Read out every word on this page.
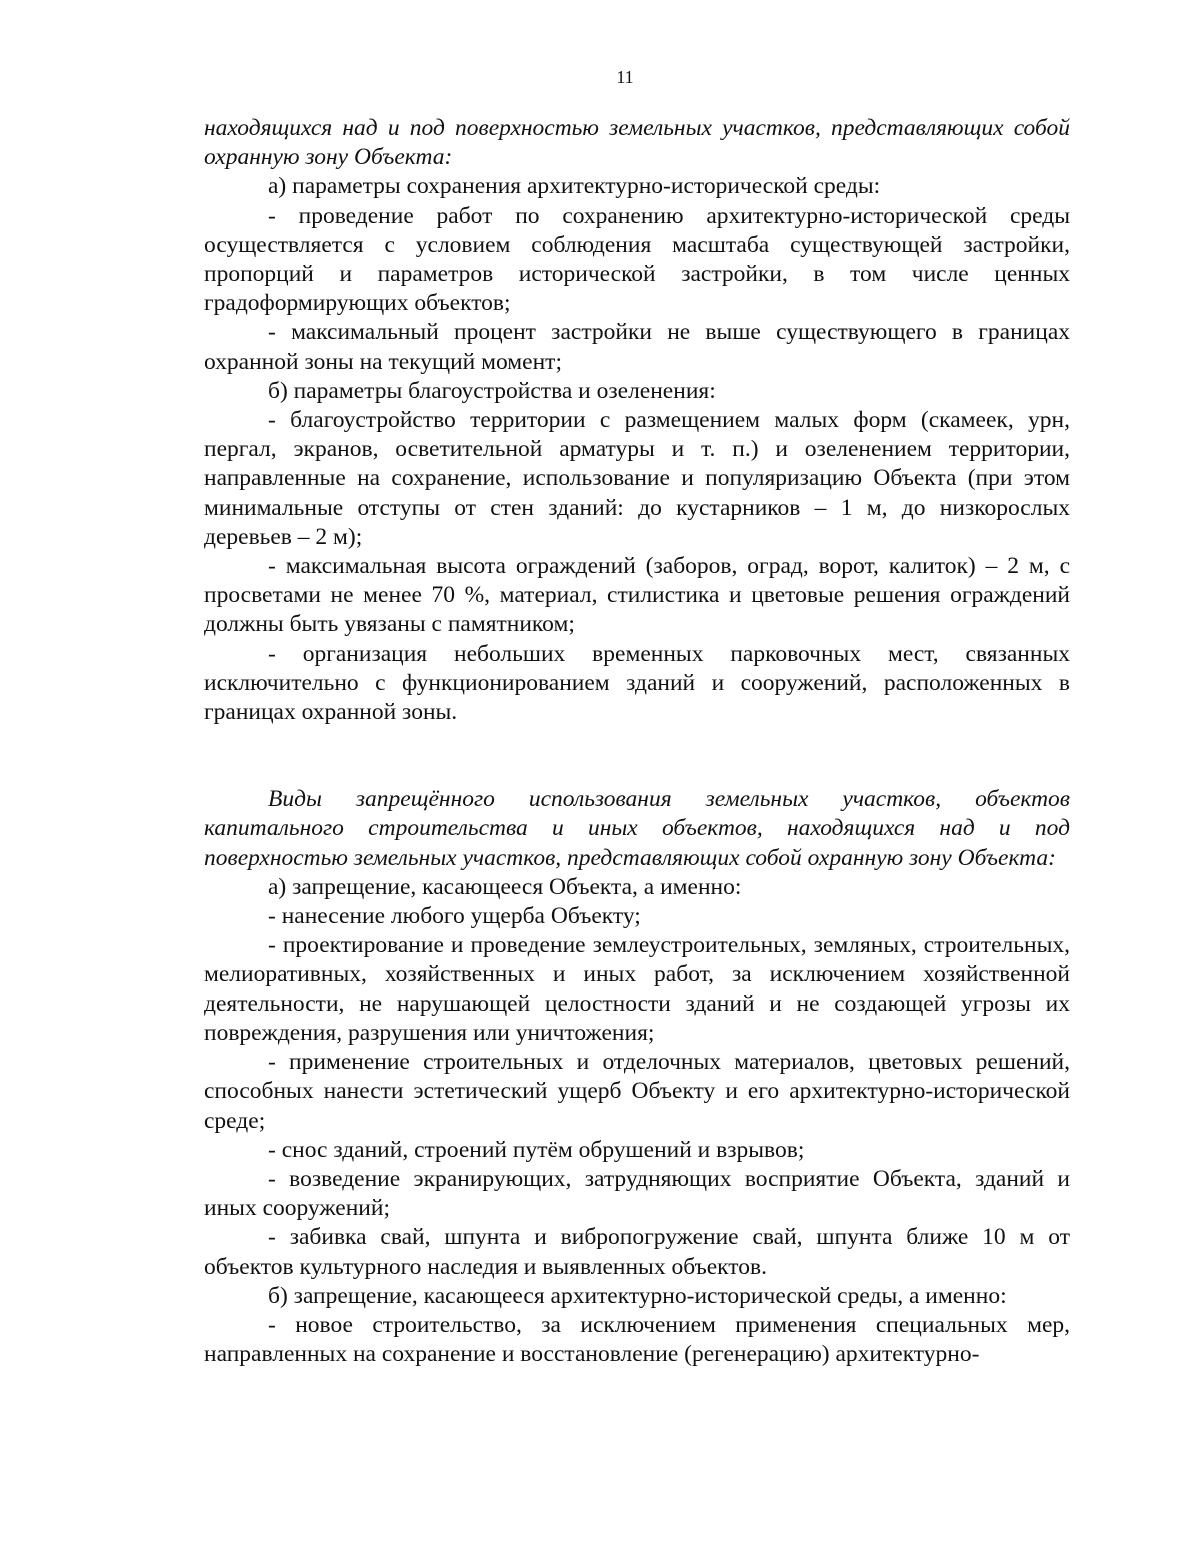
11

находящихся над и под поверхностью земельных участков, представляющих собой охранную зону Объекта:

а) параметры сохранения архитектурно-исторической среды:

- проведение работ по сохранению архитектурно-исторической среды осуществляется с условием соблюдения масштаба существующей застройки, пропорций и параметров исторической застройки, в том числе ценных градоформирующих объектов;

- максимальный процент застройки не выше существующего в границах охранной зоны на текущий момент;

б) параметры благоустройства и озеленения:

- благоустройство территории с размещением малых форм (скамеек, урн, пергал, экранов, осветительной арматуры и т. п.) и озеленением территории, направленные на сохранение, использование и популяризацию Объекта (при этом минимальные отступы от стен зданий: до кустарников – 1 м, до низкорослых деревьев – 2 м);

- максимальная высота ограждений (заборов, оград, ворот, калиток) – 2 м, с просветами не менее 70 %, материал, стилистика и цветовые решения ограждений должны быть увязаны с памятником;

- организация небольших временных парковочных мест, связанных исключительно с функционированием зданий и сооружений, расположенных в границах охранной зоны.

Виды запрещённого использования земельных участков, объектов капитального строительства и иных объектов, находящихся над и под поверхностью земельных участков, представляющих собой охранную зону Объекта:

а) запрещение, касающееся Объекта, а именно:

- нанесение любого ущерба Объекту;

- проектирование и проведение землеустроительных, земляных, строительных, мелиоративных, хозяйственных и иных работ, за исключением хозяйственной деятельности, не нарушающей целостности зданий и не создающей угрозы их повреждения, разрушения или уничтожения;

- применение строительных и отделочных материалов, цветовых решений, способных нанести эстетический ущерб Объекту и его архитектурно-исторической среде;

- снос зданий, строений путём обрушений и взрывов;

- возведение экранирующих, затрудняющих восприятие Объекта, зданий и иных сооружений;

- забивка свай, шпунта и вибропогружение свай, шпунта ближе 10 м от объектов культурного наследия и выявленных объектов.

б) запрещение, касающееся архитектурно-исторической среды, а именно:

- новое строительство, за исключением применения специальных мер, направленных на сохранение и восстановление (регенерацию) архитектурно-
